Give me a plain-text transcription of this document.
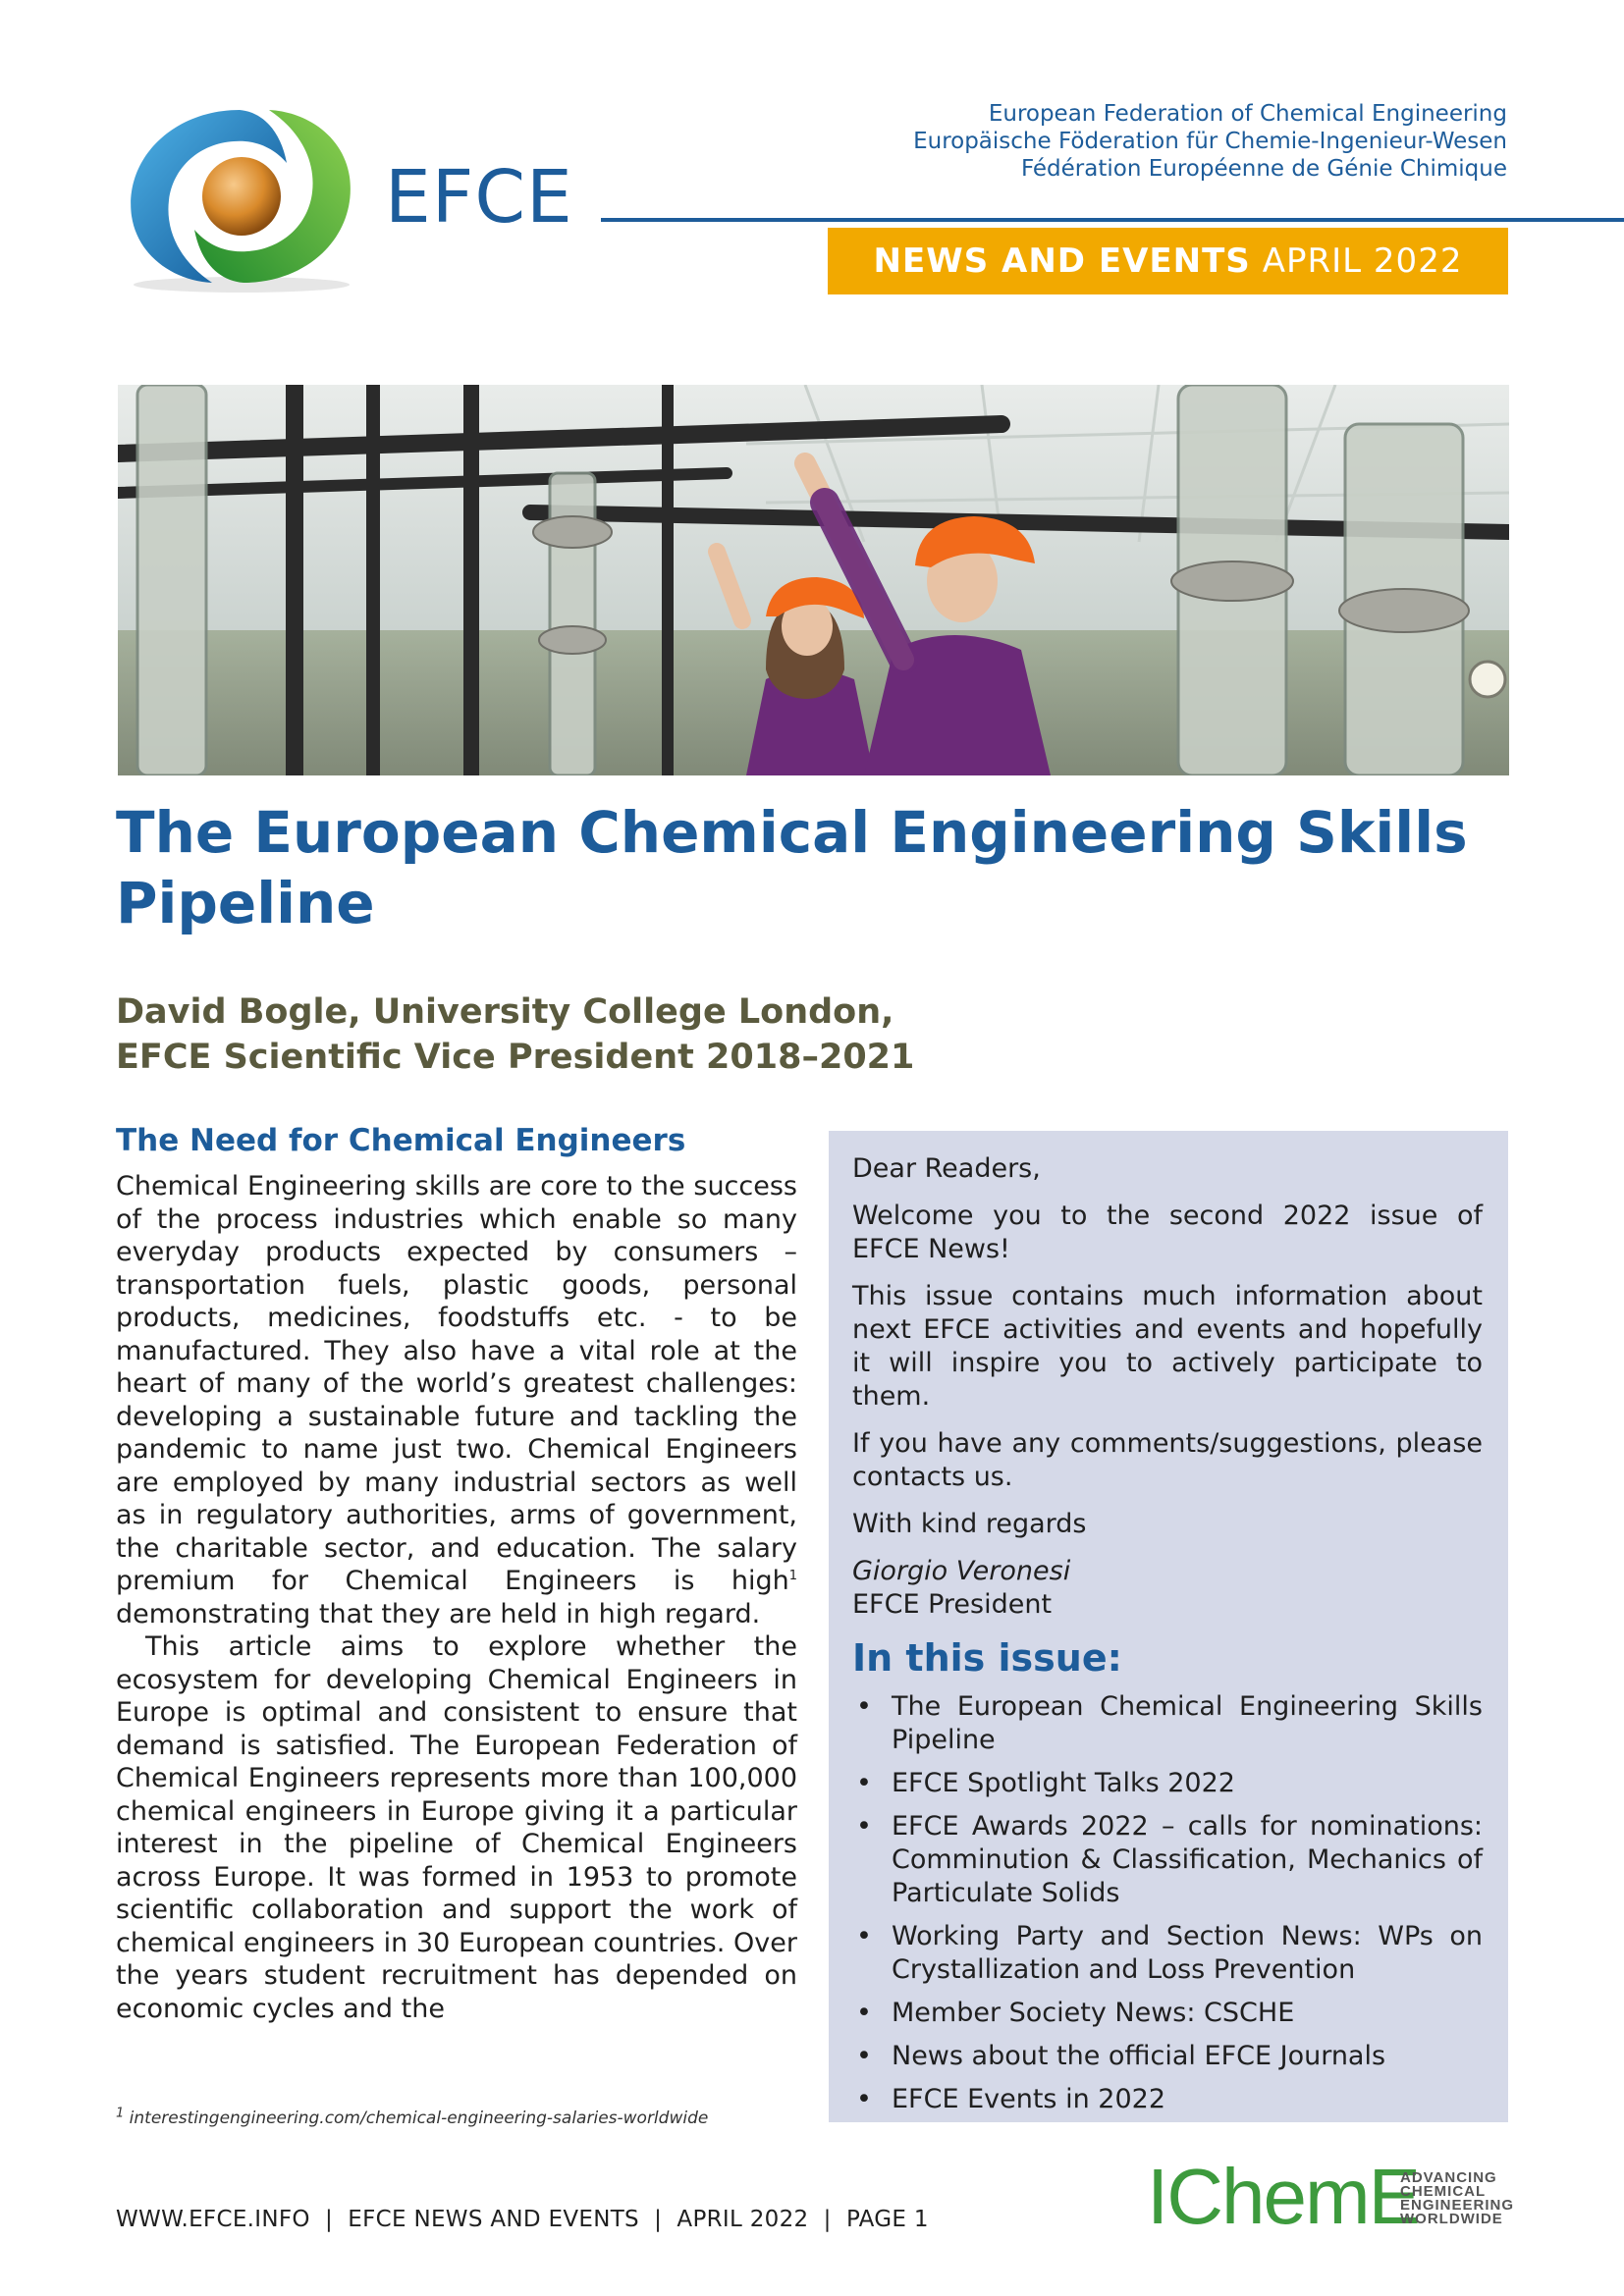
EFCE
European Federation of Chemical Engineering
Europäische Föderation für Chemie-Ingenieur-Wesen
Fédération Européenne de Génie Chimique
NEWS AND EVENTS APRIL 2022
The European Chemical Engineering Skills Pipeline
David Bogle, University College London,
EFCE Scientific Vice President 2018–2021
The Need for Chemical Engineers

Chemical Engineering skills are core to the success of the process industries which enable so many everyday products expected by consumers – transportation fuels, plastic goods, personal products, medicines, foodstuffs etc. - to be manufactured. They also have a vital role at the heart of many of the world’s greatest challenges: developing a sustainable future and tackling the pandemic to name just two. Chemical Engineers are employed by many industrial sectors as well as in regulatory authorities, arms of government, the charitable sector, and education. The salary premium for Chemical Engineers is high$^1$ demonstrating that they are held in high regard.

This article aims to explore whether the ecosystem for developing Chemical Engineers in Europe is optimal and consistent to ensure that demand is satisfied. The European Federation of Chemical Engineers represents more than 100,000 chemical engineers in Europe giving it a particular interest in the pipeline of Chemical Engineers across Europe. It was formed in 1953 to promote scientific collaboration and support the work of chemical engineers in 30 European countries. Over the years student recruitment has depended on economic cycles and the

$^1$ interestingengineering.com/chemical-engineering-salaries-worldwide

Dear Readers,

Welcome you to the second 2022 issue of EFCE News!

This issue contains much information about next EFCE activities and events and hopefully it will inspire you to actively participate to them.

If you have any comments/suggestions, please contacts us.

With kind regards

Giorgio Veronesi

EFCE President

In this issue:

• The European Chemical Engineering Skills Pipeline
• EFCE Spotlight Talks 2022
• EFCE Awards 2022 – calls for nominations: Comminution & Classification, Mechanics of Particulate Solids
• Working Party and Section News: WPs on Crystallization and Loss Prevention
• Member Society News: CSCHE
• News about the official EFCE Journals
• EFCE Events in 2022
WWW.EFCE.INFO  |  EFCE NEWS AND EVENTS  |  APRIL 2022  |  PAGE 1	IChemE
ADVANCING
CHEMICAL
ENGINEERING
WORLDWIDE
